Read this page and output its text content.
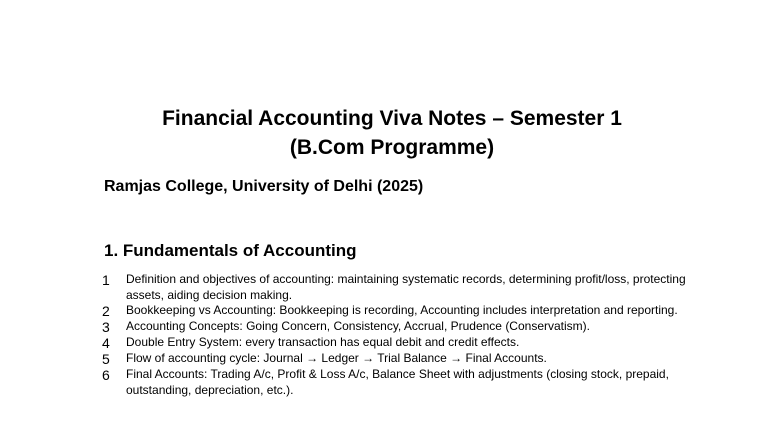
Financial Accounting Viva Notes – Semester 1
(B.Com Programme)
Ramjas College, University of Delhi (2025)
1. Fundamentals of Accounting
1	Definition and objectives of accounting: maintaining systematic records, determining profit/loss, protecting assets, aiding decision making.
2	Bookkeeping vs Accounting: Bookkeeping is recording, Accounting includes interpretation and reporting.
3	Accounting Concepts: Going Concern, Consistency, Accrual, Prudence (Conservatism).
4	Double Entry System: every transaction has equal debit and credit effects.
5	Flow of accounting cycle: Journal → Ledger → Trial Balance → Final Accounts.
6	Final Accounts: Trading A/c, Profit & Loss A/c, Balance Sheet with adjustments (closing stock, prepaid, outstanding, depreciation, etc.).
